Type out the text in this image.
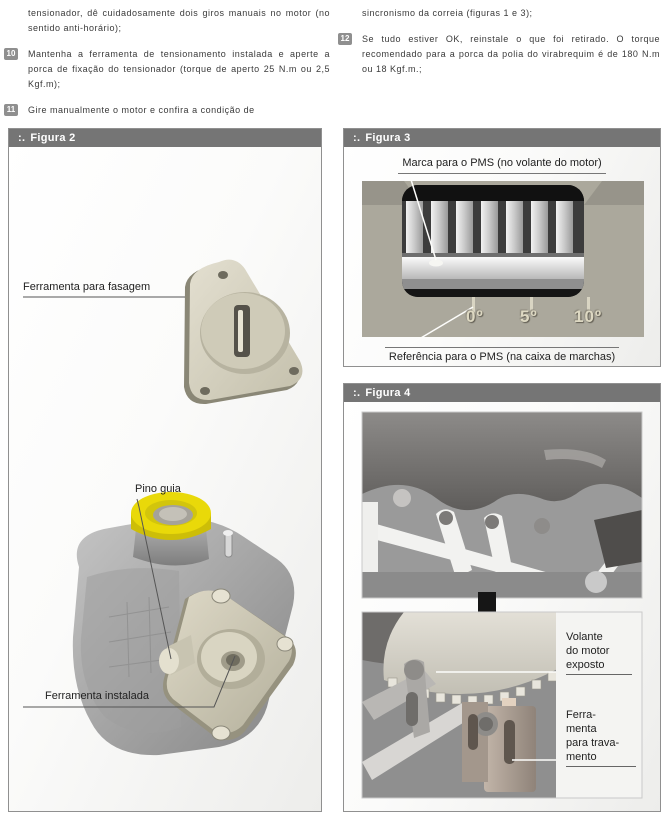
tensionador, dê cuidadosamente dois giros manuais no motor (no sentido anti-horário);

10 Mantenha a ferramenta de tensionamento instalada e aperte a porca de fixação do tensionador (torque de aperto 25 N.m ou 2,5 Kgf.m);

11	Gire manualmente o motor e confira a condição de

sincronismo da correia (figuras 1 e 3);

12 Se tudo estiver OK, reinstale o que foi retirado. O torque recomendado para a porca da polia do virabrequim é de 180 N.m ou 18 Kgf.m.;

:. Figura 2
Ferramenta para fasagem
Pino guia
Ferramenta instalada
:. Figura 3
Marca para o PMS (no volante do motor)
0º 5º 10º
Referência para o PMS (na caixa de marchas)
:. Figura 4
Volante
do motor
exposto
Ferra-
menta
para trava-
mento
